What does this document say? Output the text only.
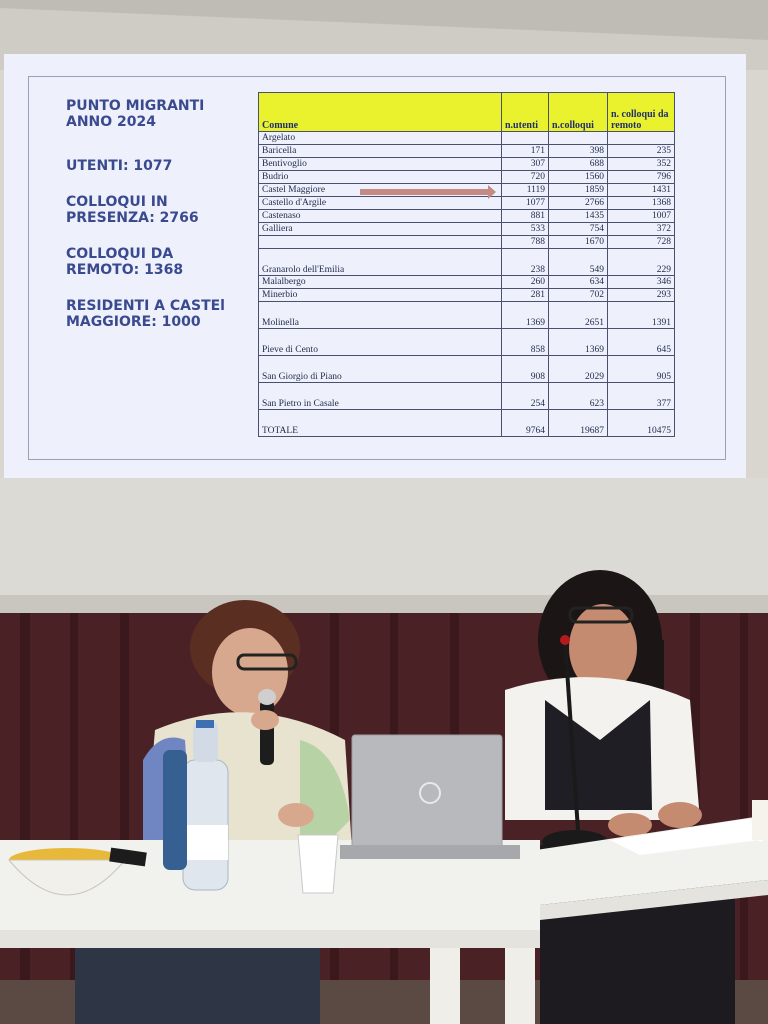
PUNTO MIGRANTI
ANNO 2024
UTENTI: 1077
COLLOQUI IN
PRESENZA: 2766
COLLOQUI DA
REMOTO: 1368
RESIDENTI A CASTEl
MAGGIORE: 1000
Comune	n.utenti	n.colloqui	n. colloqui da remoto
Argelato			
Baricella	171	398	235
Bentivoglio	307	688	352
Budrio	720	1560	796
Castel Maggiore	1119	1859	1431
Castello d'Argile	1077	2766	1368
Castenaso	881	1435	1007
Galliera	533	754	372
	788	1670	728
Granarolo dell'Emilia	238	549	229
Malalbergo	260	634	346
Minerbio	281	702	293
Molinella	1369	2651	1391
Pieve di Cento	858	1369	645
San Giorgio di Piano	908	2029	905
San Pietro in Casale	254	623	377
TOTALE	9764	19687	10475
